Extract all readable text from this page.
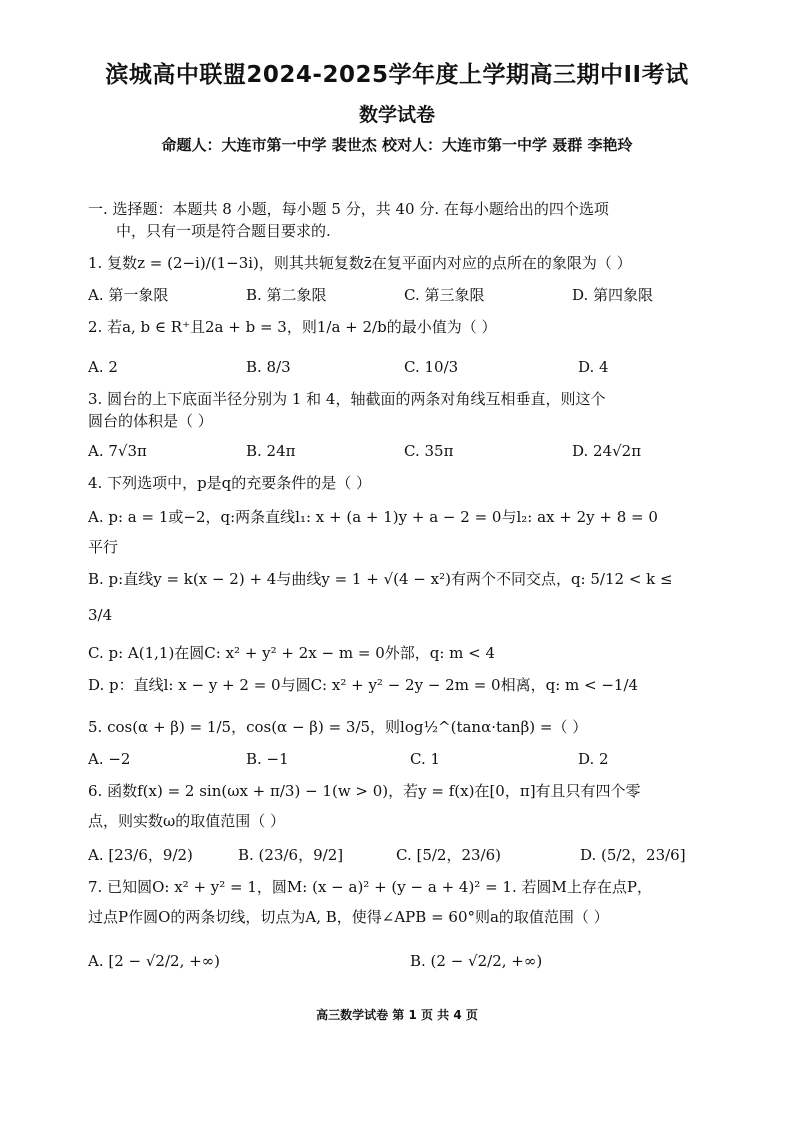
滨城高中联盟2024-2025学年度上学期高三期中II考试
数学试卷
命题人：大连市第一中学 裴世杰 校对人：大连市第一中学 聂群 李艳玲
一. 选择题：本题共 8 小题，每小题 5 分，共 40 分. 在每小题给出的四个选项
中，只有一项是符合题目要求的.
1. 复数z = (2−i)/(1−3i)，则其共轭复数z̄在复平面内对应的点所在的象限为（ ）
A. 第一象限	B. 第二象限	C. 第三象限	D. 第四象限
2. 若a, b ∈ R⁺且2a + b = 3，则1/a + 2/b的最小值为（ ）
A. 2	B. 8/3	C. 10/3	D. 4
3. 圆台的上下底面半径分别为 1 和 4，轴截面的两条对角线互相垂直，则这个
圆台的体积是（ ）
A. 7√3π	B. 24π	C. 35π	D. 24√2π
4. 下列选项中，p是q的充要条件的是（ ）
A. p: a = 1或−2，q:两条直线l₁: x + (a + 1)y + a − 2 = 0与l₂: ax + 2y + 8 = 0
平行
B. p:直线y = k(x − 2) + 4与曲线y = 1 + √(4 − x²)有两个不同交点，q: 5/12 < k ≤
3/4
C. p: A(1,1)在圆C: x² + y² + 2x − m = 0外部，q: m < 4
D. p：直线l: x − y + 2 = 0与圆C: x² + y² − 2y − 2m = 0相离，q: m < −1/4
5. cos(α + β) = 1/5，cos(α − β) = 3/5，则log½^(tanα·tanβ) =（ ）
A. −2	B. −1	C. 1	D. 2
6. 函数f(x) = 2 sin(ωx + π/3) − 1(w > 0)，若y = f(x)在[0，π]有且只有四个零
点，则实数ω的取值范围（ ）
A. [23/6，9/2)	B. (23/6，9/2]	C. [5/2，23/6)	D. (5/2，23/6]
7. 已知圆O: x² + y² = 1，圆M: (x − a)² + (y − a + 4)² = 1. 若圆M上存在点P，
过点P作圆O的两条切线，切点为A, B，使得∠APB = 60°则a的取值范围（ ）
A. [2 − √2/2, +∞)	B. (2 − √2/2, +∞)
高三数学试卷 第 1 页 共 4 页
